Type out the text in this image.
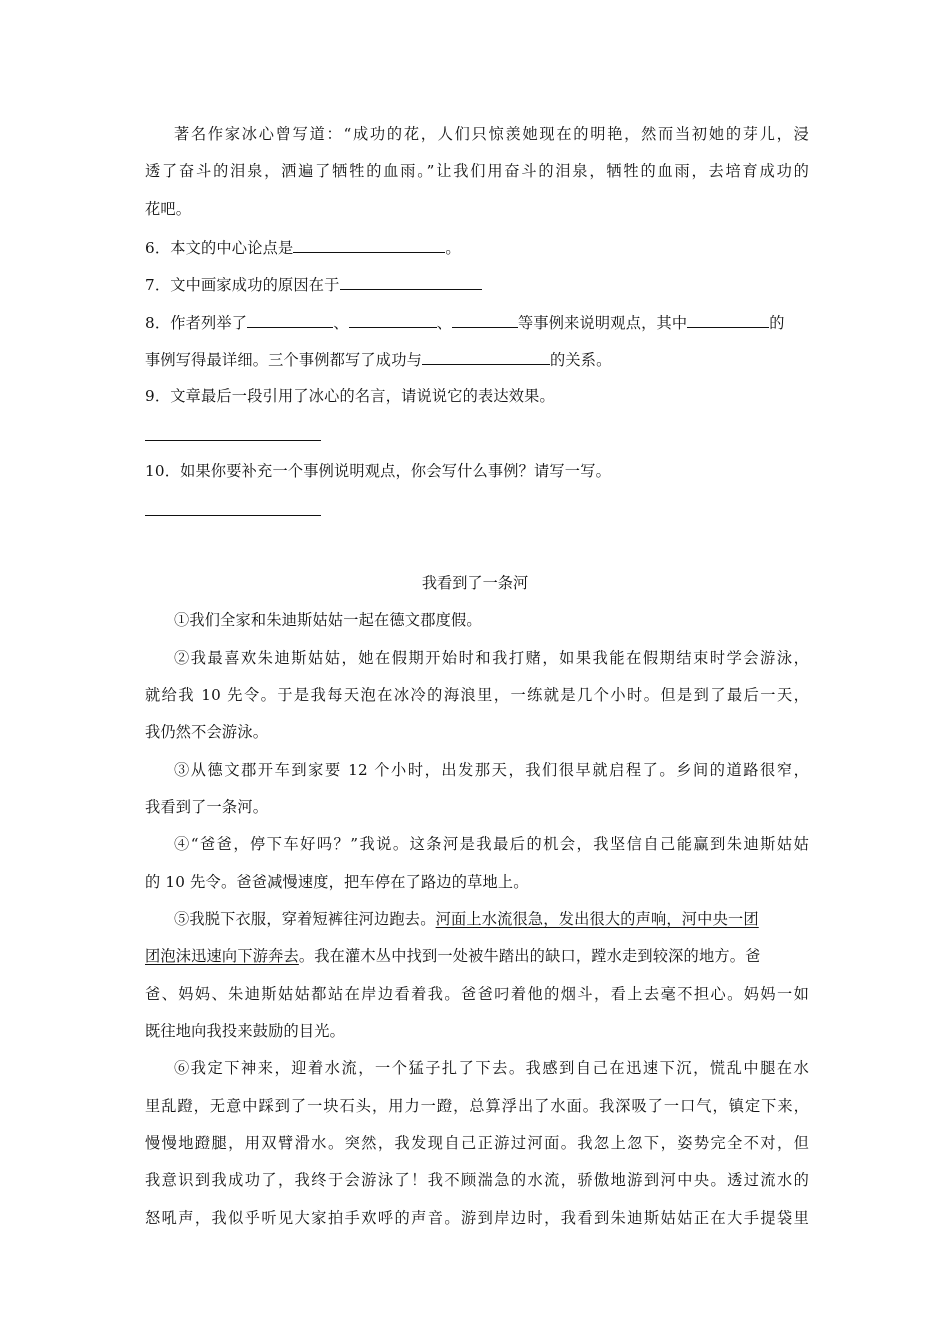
著名作家冰心曾写道：“成功的花，人们只惊羡她现在的明艳，然而当初她的芽儿，浸
透了奋斗的泪泉，洒遍了牺牲的血雨。”让我们用奋斗的泪泉，牺牲的血雨，去培育成功的
花吧。
6．本文的中心论点是	。
7．文中画家成功的原因在于
8．作者列举了	、	、	等事例来说明观点，其中	的
事例写得最详细。三个事例都写了成功与	的关系。
9．文章最后一段引用了冰心的名言，请说说它的表达效果。
10．如果你要补充一个事例说明观点，你会写什么事例？请写一写。
我看到了一条河
①我们全家和朱迪斯姑姑一起在德文郡度假。
②我最喜欢朱迪斯姑姑，她在假期开始时和我打赌，如果我能在假期结束时学会游泳，
就给我 10 先令。于是我每天泡在冰冷的海浪里，一练就是几个小时。但是到了最后一天，
我仍然不会游泳。
③从德文郡开车到家要 12 个小时，出发那天，我们很早就启程了。乡间的道路很窄，
我看到了一条河。
④“爸爸，停下车好吗？”我说。这条河是我最后的机会，我坚信自己能赢到朱迪斯姑姑
的 10 先令。爸爸减慢速度，把车停在了路边的草地上。
⑤我脱下衣服，穿着短裤往河边跑去。河面上水流很急，发出很大的声响，河中央一团
团泡沫迅速向下游奔去。我在灌木丛中找到一处被牛踏出的缺口，蹚水走到较深的地方。爸
爸、妈妈、朱迪斯姑姑都站在岸边看着我。爸爸叼着他的烟斗，看上去毫不担心。妈妈一如
既往地向我投来鼓励的目光。
⑥我定下神来，迎着水流，一个猛子扎了下去。我感到自己在迅速下沉，慌乱中腿在水
里乱蹬，无意中踩到了一块石头，用力一蹬，总算浮出了水面。我深吸了一口气，镇定下来，
慢慢地蹬腿，用双臂滑水。突然，我发现自己正游过河面。我忽上忽下，姿势完全不对，但
我意识到我成功了，我终于会游泳了！我不顾湍急的水流，骄傲地游到河中央。透过流水的
怒吼声，我似乎听见大家拍手欢呼的声音。游到岸边时，我看到朱迪斯姑姑正在大手提袋里
